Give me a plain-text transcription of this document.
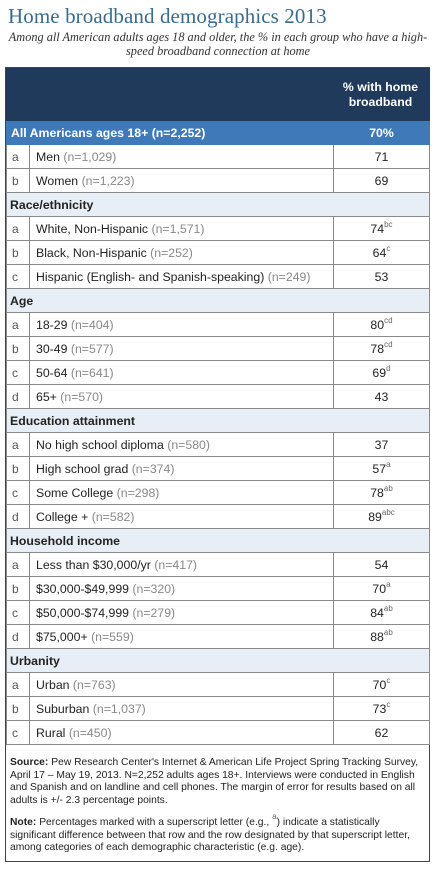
Home broadband demographics 2013
Among all American adults ages 18 and older, the % in each group who have a high-speed broadband connection at home
		% with home broadband
All Americans ages 18+ (n=2,252)		70%
a	Men (n=1,029)	71
b	Women (n=1,223)	69
Race/ethnicity		
a	White, Non-Hispanic (n=1,571)	$74^{bc}$
b	Black, Non-Hispanic (n=252)	64$^c$
c	Hispanic (English- and Spanish-speaking) (n=249)	53
Age		
a	18-29 (n=404)	$80^{cd}$
b	30-49 (n=577)	$78^{cd}$
c	50-64 (n=641)	69$^d$
d	65+ (n=570)	43
Education attainment		
a	No high school diploma (n=580)	37
b	High school grad (n=374)	57$^a$
c	Some College (n=298)	$78^{ab}$
d	College + (n=582)	$89^{abc}$
Household income		
a	Less than $30,000/yr (n=417)	54
b	$30,000-$49,999 (n=320)	70$^a$
c	$50,000-$74,999 (n=279)	$84^{ab}$
d	$75,000+ (n=559)	$88^{ab}$
Urbanity		
a	Urban (n=763)	70$^c$
b	Suburban (n=1,037)	73$^c$
c	Rural (n=450)	62
Source: Pew Research Center's Internet & American Life Project Spring Tracking Survey, April 17 – May 19, 2013. N=2,252 adults ages 18+. Interviews were conducted in English and Spanish and on landline and cell phones. The margin of error for results based on all adults is +/- 2.3 percentage points.
Note: Percentages marked with a superscript letter (e.g., $^a$) indicate a statistically significant difference between that row and the row designated by that superscript letter, among categories of each demographic characteristic (e.g. age).
